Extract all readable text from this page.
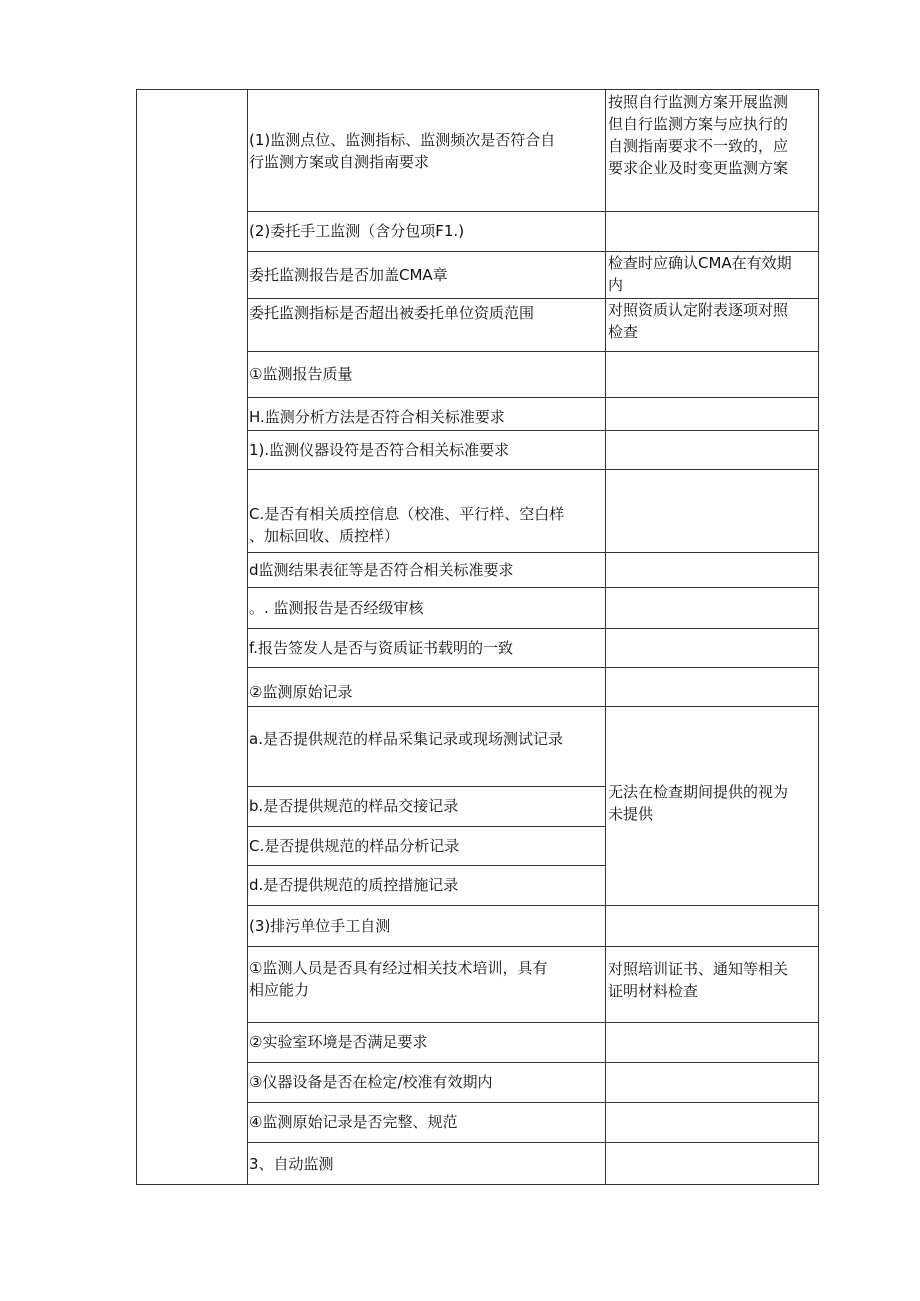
(1)监测点位、监测指标、监测频次是否符合自
行监测方案或自测指南要求
(2)委托手工监测（含分包项F1.)
委托监测报告是否加盖CMA章
委托监测指标是否超出被委托单位资质范围
①监测报告质量
H.监测分析方法是否符合相关标准要求
1).监测仪器设符是否符合相关标准要求
C.是否有相关质控信息（校准、平行样、空白样
、加标回收、质控样）
d监测结果表征等是否符合相关标准要求
。. 监测报告是否经级审核
f.报告签发人是否与资质证书载明的一致
②监测原始记录
a.是否提供规范的样品采集记录或现场测试记录
b.是否提供规范的样品交接记录
C.是否提供规范的样品分析记录
d.是否提供规范的质控措施记录
(3)排污单位手工自测
①监测人员是否具有经过相关技术培训，具有
相应能力
②实验室环境是否满足要求
③仪器设备是否在检定/校准有效期内
④监测原始记录是否完整、规范
3、自动监测
按照自行监测方案开展监测
但自行监测方案与应执行的
自测指南要求不一致的，应
要求企业及时变更监测方案
检查时应确认CMA在有效期
内
对照资质认定附表逐项对照
检查
无法在检查期间提供的视为
未提供
对照培训证书、通知等相关
证明材料检查
